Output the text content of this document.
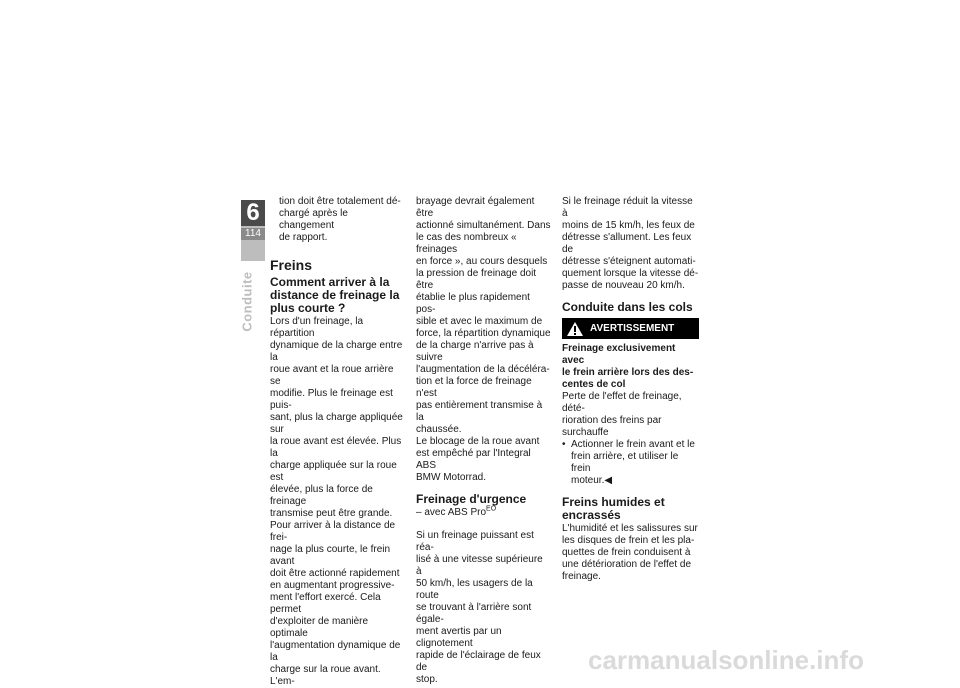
6
114
Conduite

tion doit être totalement dé-

chargé après le changement

de rapport.

Freins
Comment arriver à la distance de freinage la plus courte ?

Lors d'un freinage, la répartition

dynamique de la charge entre la

roue avant et la roue arrière se

modifie. Plus le freinage est puis-

sant, plus la charge appliquée sur

la roue avant est élevée. Plus la

charge appliquée sur la roue est

élevée, plus la force de freinage

transmise peut être grande.

Pour arriver à la distance de frei-

nage la plus courte, le frein avant

doit être actionné rapidement

en augmentant progressive-

ment l'effort exercé. Cela permet

d'exploiter de manière optimale

l'augmentation dynamique de la

charge sur la roue avant. L'em-

brayage devrait également être

actionné simultanément. Dans

le cas des nombreux « freinages

en force », au cours desquels

la pression de freinage doit être

établie le plus rapidement pos-

sible et avec le maximum de

force, la répartition dynamique

de la charge n'arrive pas à suivre

l'augmentation de la décéléra-

tion et la force de freinage n'est

pas entièrement transmise à la

chaussée.

Le blocage de la roue avant

est empêché par l'Integral ABS

BMW Motorrad.

Freinage d'urgence

– avec ABS Pro$^{EO}$

Si un freinage puissant est réa-

lisé à une vitesse supérieure à

50 km/h, les usagers de la route

se trouvant à l'arrière sont égale-

ment avertis par un clignotement

rapide de l'éclairage de feux de

stop.

Si le freinage réduit la vitesse à

moins de 15 km/h, les feux de

détresse s'allument. Les feux de

détresse s'éteignent automati-

quement lorsque la vitesse dé-

passe de nouveau 20 km/h.

Conduite dans les cols
AVERTISSEMENT

Freinage exclusivement avec

le frein arrière lors des des-

centes de col

Perte de l'effet de freinage, dété-

rioration des freins par surchauffe

• Actionner le frein avant et le

frein arrière, et utiliser le frein

moteur.◀

Freins humides et encrassés

L'humidité et les salissures sur

les disques de frein et les pla-

quettes de frein conduisent à

une détérioration de l'effet de

freinage.

carmanualsonline.info
